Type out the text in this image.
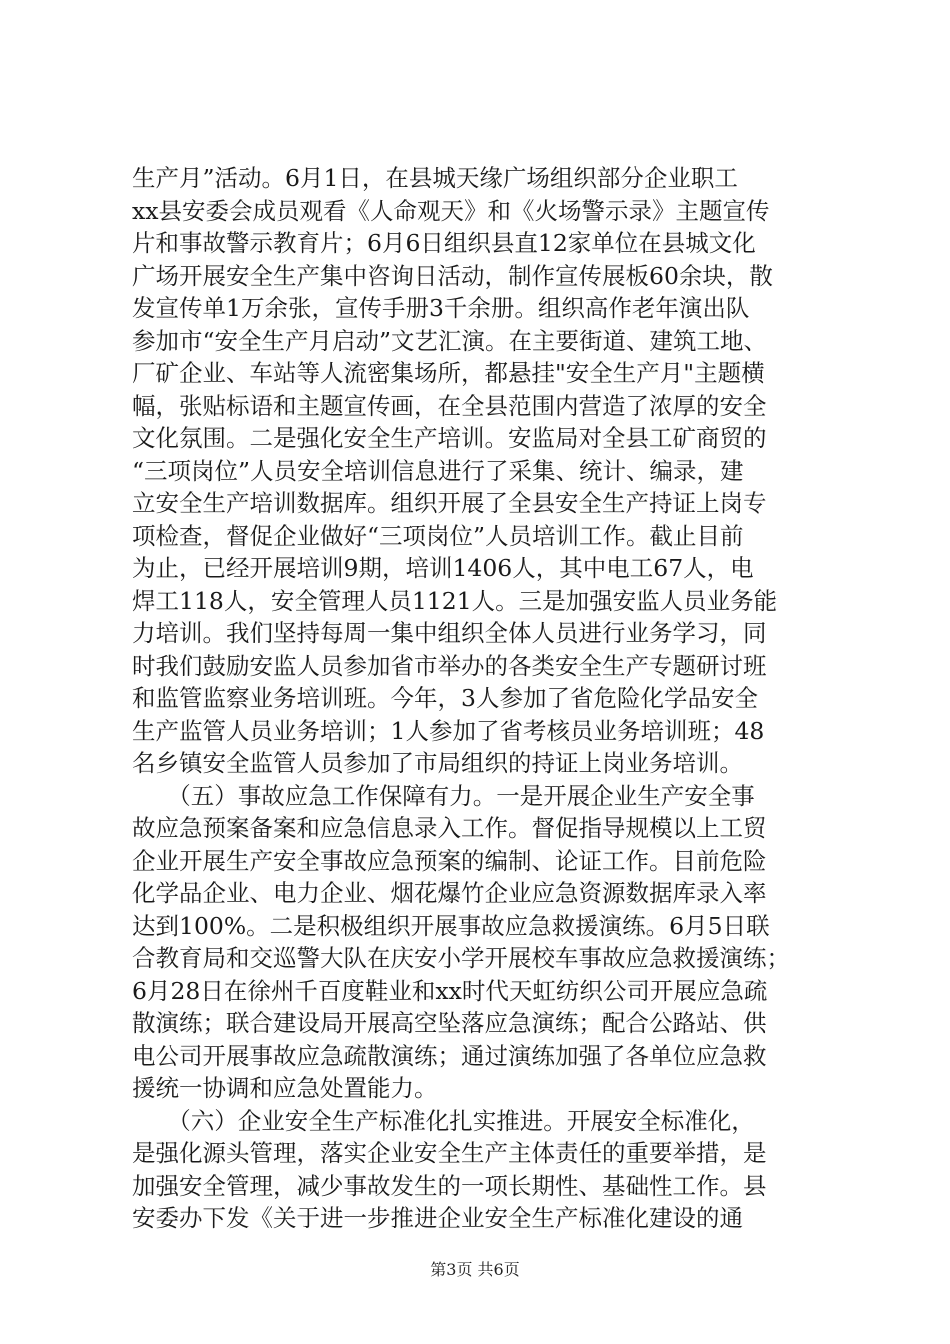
生产月”活动。6月1日，在县城天缘广场组织部分企业职工
xx县安委会成员观看《人命观天》和《火场警示录》主题宣传
片和事故警示教育片；6月6日组织县直12家单位在县城文化
广场开展安全生产集中咨询日活动，制作宣传展板60余块，散
发宣传单1万余张，宣传手册3千余册。组织高作老年演出队
参加市“安全生产月启动”文艺汇演。在主要街道、建筑工地、
厂矿企业、车站等人流密集场所，都悬挂"安全生产月"主题横
幅，张贴标语和主题宣传画，在全县范围内营造了浓厚的安全
文化氛围。二是强化安全生产培训。安监局对全县工矿商贸的
“三项岗位”人员安全培训信息进行了采集、统计、编录，建
立安全生产培训数据库。组织开展了全县安全生产持证上岗专
项检查，督促企业做好“三项岗位”人员培训工作。截止目前
为止，已经开展培训9期，培训1406人，其中电工67人，电
焊工118人，安全管理人员1121人。三是加强安监人员业务能
力培训。我们坚持每周一集中组织全体人员进行业务学习，同
时我们鼓励安监人员参加省市举办的各类安全生产专题研讨班
和监管监察业务培训班。今年，3人参加了省危险化学品安全
生产监管人员业务培训；1人参加了省考核员业务培训班；48
名乡镇安全监管人员参加了市局组织的持证上岗业务培训。
　　（五）事故应急工作保障有力。一是开展企业生产安全事
故应急预案备案和应急信息录入工作。督促指导规模以上工贸
企业开展生产安全事故应急预案的编制、论证工作。目前危险
化学品企业、电力企业、烟花爆竹企业应急资源数据库录入率
达到100%。二是积极组织开展事故应急救援演练。6月5日联
合教育局和交巡警大队在庆安小学开展校车事故应急救援演练；
6月28日在徐州千百度鞋业和xx时代天虹纺织公司开展应急疏
散演练；联合建设局开展高空坠落应急演练；配合公路站、供
电公司开展事故应急疏散演练；通过演练加强了各单位应急救
援统一协调和应急处置能力。
　　（六）企业安全生产标准化扎实推进。开展安全标准化，
是强化源头管理，落实企业安全生产主体责任的重要举措，是
加强安全管理，减少事故发生的一项长期性、基础性工作。县
安委办下发《关于进一步推进企业安全生产标准化建设的通
第3页 共6页
